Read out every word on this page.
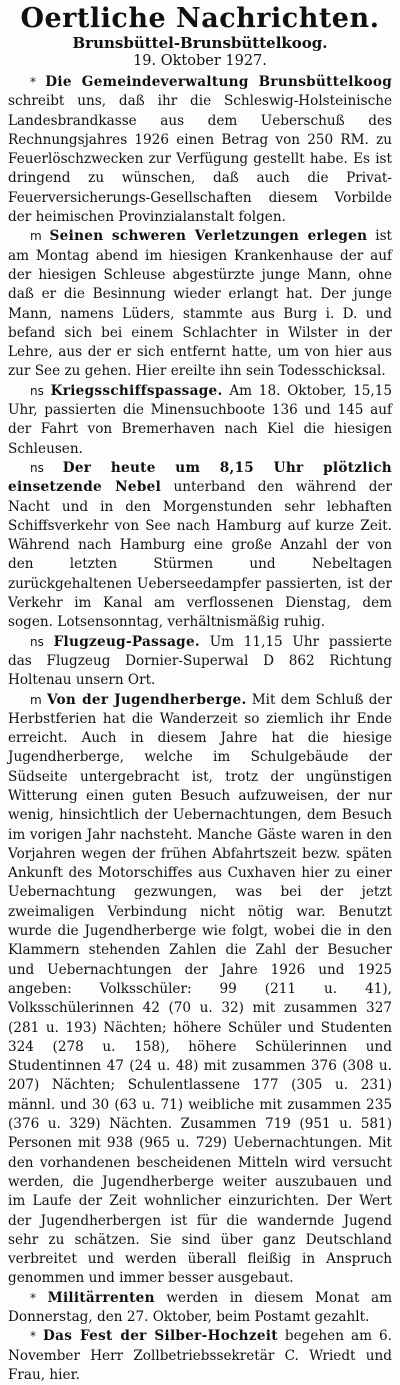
Oertliche Nachrichten.

Brunsbüttel-Brunsbüttelkoog.

19. Oktober 1927.

* Die Gemeindeverwaltung Brunsbüttelkoog schreibt uns, daß ihr die Schleswig-Holsteinische Landesbrandkasse aus dem Ueberschuß des Rechnungsjahres 1926 einen Betrag von 250 RM. zu Feuerlöschzwecken zur Verfügung gestellt habe. Es ist dringend zu wünschen, daß auch die Privat-Feuerversicherungs-Gesellschaften diesem Vorbilde der heimischen Provinzialanstalt folgen.

m Seinen schweren Verletzungen erlegen ist am Montag abend im hiesigen Krankenhause der auf der hiesigen Schleuse abgestürzte junge Mann, ohne daß er die Besinnung wieder erlangt hat. Der junge Mann, namens Lüders, stammte aus Burg i. D. und befand sich bei einem Schlachter in Wilster in der Lehre, aus der er sich entfernt hatte, um von hier aus zur See zu gehen. Hier ereilte ihn sein Todesschicksal.

ns Kriegsschiffspassage. Am 18. Oktober, 15,15 Uhr, passierten die Minensuchboote 136 und 145 auf der Fahrt von Bremerhaven nach Kiel die hiesigen Schleusen.

ns Der heute um 8,15 Uhr plötzlich einsetzende Nebel unterband den während der Nacht und in den Morgenstunden sehr lebhaften Schiffsverkehr von See nach Hamburg auf kurze Zeit. Während nach Hamburg eine große Anzahl der von den letzten Stürmen und Nebeltagen zurückgehaltenen Ueberseedampfer passierten, ist der Verkehr im Kanal am verflossenen Dienstag, dem sogen. Lotsensonntag, verhältnismäßig ruhig.

ns Flugzeug-Passage. Um 11,15 Uhr passierte das Flugzeug Dornier-Superwal D 862 Richtung Holtenau unsern Ort.

m Von der Jugendherberge. Mit dem Schluß der Herbstferien hat die Wanderzeit so ziemlich ihr Ende erreicht. Auch in diesem Jahre hat die hiesige Jugendherberge, welche im Schulgebäude der Südseite untergebracht ist, trotz der ungünstigen Witterung einen guten Besuch aufzuweisen, der nur wenig, hinsichtlich der Uebernachtungen, dem Besuch im vorigen Jahr nachsteht. Manche Gäste waren in den Vorjahren wegen der frühen Abfahrtszeit bezw. späten Ankunft des Motorschiffes aus Cuxhaven hier zu einer Uebernachtung gezwungen, was bei der jetzt zweimaligen Verbindung nicht nötig war. Benutzt wurde die Jugendherberge wie folgt, wobei die in den Klammern stehenden Zahlen die Zahl der Besucher und Uebernachtungen der Jahre 1926 und 1925 angeben: Volksschüler: 99 (211 u. 41), Volksschülerinnen 42 (70 u. 32) mit zusammen 327 (281 u. 193) Nächten; höhere Schüler und Studenten 324 (278 u. 158), höhere Schülerinnen und Studentinnen 47 (24 u. 48) mit zusammen 376 (308 u. 207) Nächten; Schulentlassene 177 (305 u. 231) männl. und 30 (63 u. 71) weibliche mit zusammen 235 (376 u. 329) Nächten. Zusammen 719 (951 u. 581) Personen mit 938 (965 u. 729) Uebernachtungen. Mit den vorhandenen bescheidenen Mitteln wird versucht werden, die Jugendherberge weiter auszubauen und im Laufe der Zeit wohnlicher einzurichten. Der Wert der Jugendherbergen ist für die wandernde Jugend sehr zu schätzen. Sie sind über ganz Deutschland verbreitet und werden überall fleißig in Anspruch genommen und immer besser ausgebaut.

* Militärrenten werden in diesem Monat am Donnerstag, den 27. Oktober, beim Postamt gezahlt.

* Das Fest der Silber-Hochzeit begehen am 6. November Herr Zollbetriebssekretär C. Wriedt und Frau, hier.
